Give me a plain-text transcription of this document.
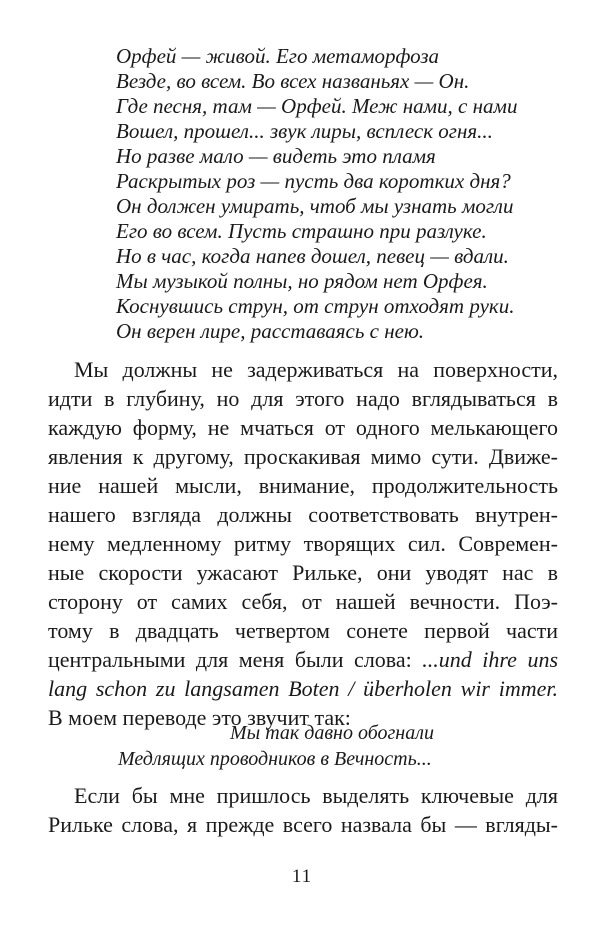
Орфей — живой. Его метаморфоза
Везде, во всем. Во всех названьях — Он.
Где песня, там — Орфей. Меж нами, с нами
Вошел, прошел... звук лиры, всплеск огня...
Но разве мало — видеть это пламя
Раскрытых роз — пусть два коротких дня?
Он должен умирать, чтоб мы узнать могли
Его во всем. Пусть страшно при разлуке.
Но в час, когда напев дошел, певец — вдали.
Мы музыкой полны, но рядом нет Орфея.
Коснувшись струн, от струн отходят руки.
Он верен лире, расставаясь с нею.
Мы должны не задерживаться на поверхности,
идти в глубину, но для этого надо вглядываться в
каждую форму, не мчаться от одного мелькающего
явления к другому, проскакивая мимо сути. Движе-
ние нашей мысли, внимание, продолжительность
нашего взгляда должны соответствовать внутрен-
нему медленному ритму творящих сил. Современ-
ные скорости ужасают Рильке, они уводят нас в
сторону от самих себя, от нашей вечности. Поэ-
тому в двадцать четвертом сонете первой части
центральными для меня были слова: ...und ihre uns
lang schon zu langsamen Boten / überholen wir immer.
В моем переводе это звучит так:
Мы так давно обогнали
Медлящих проводников в Вечность...
Если бы мне пришлось выделять ключевые для
Рильке слова, я прежде всего назвала бы — вгляды-
11
